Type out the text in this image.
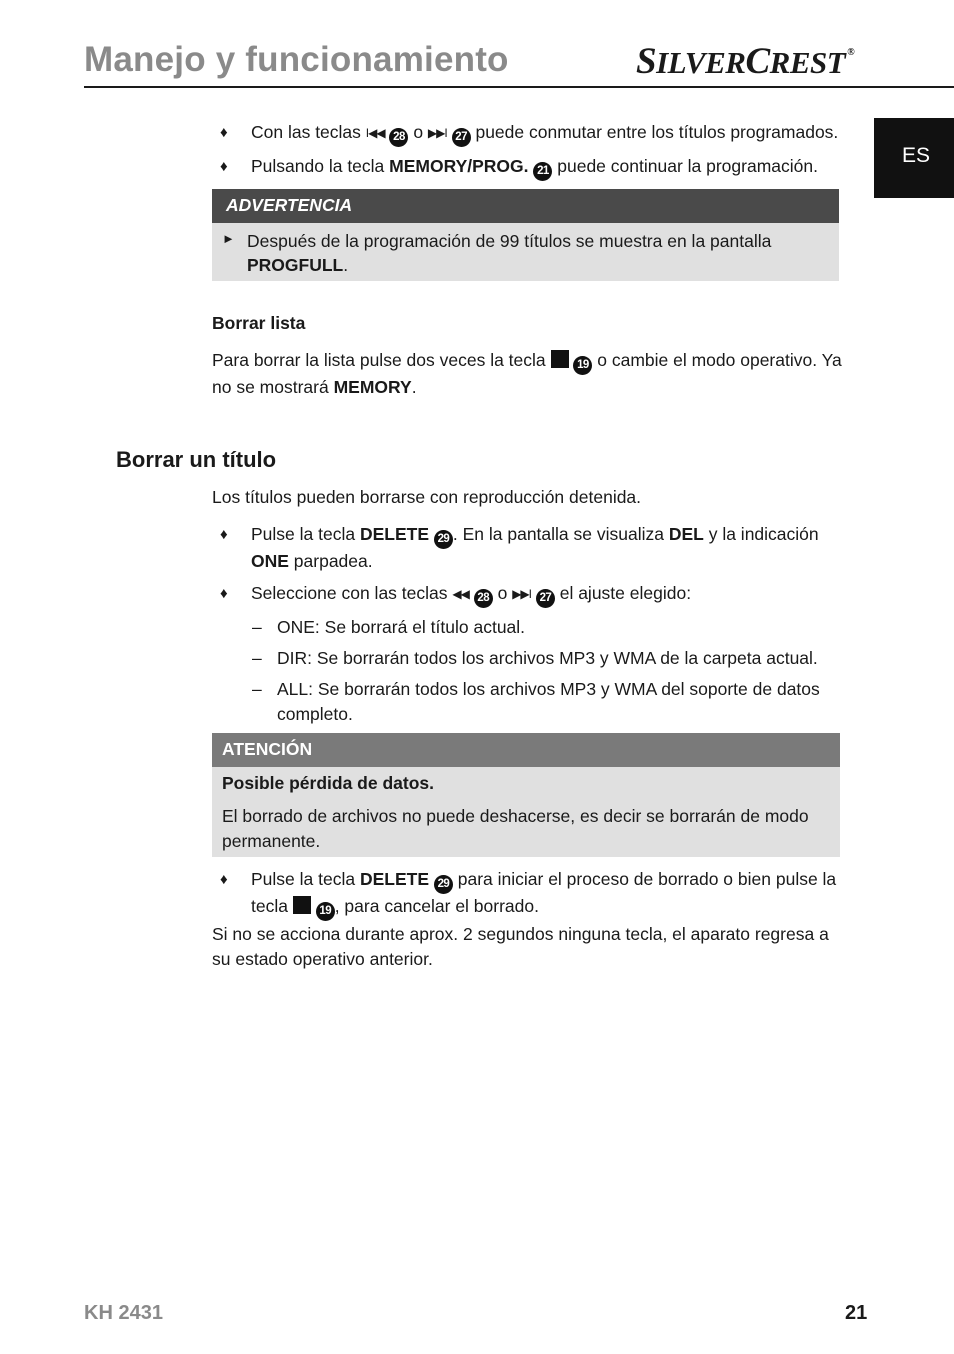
Manejo y funcionamiento	SILVERCREST ®
ES
♦ Con las teclas I◀◀ 28 o ▶▶I 27 puede conmutar entre los títulos programados.
♦ Pulsando la tecla MEMORY/PROG. 21 puede continuar la programación.
ADVERTENCIA
► Después de la programación de 99 títulos se muestra en la pantalla PROGFULL.
Borrar lista
Para borrar la lista pulse dos veces la tecla  19 o cambie el modo operativo. Ya no se mostrará MEMORY.
Borrar un título
Los títulos pueden borrarse con reproducción detenida.
♦ Pulse la tecla DELETE 29 . En la pantalla se visualiza DEL y la indicación ONE parpadea.
♦ Seleccione con las teclas ◀◀ 28 o ▶▶I 27 el ajuste elegido:
– ONE: Se borrará el título actual.
– DIR: Se borrarán todos los archivos MP3 y WMA de la carpeta actual.
– ALL: Se borrarán todos los archivos MP3 y WMA del soporte de datos completo.
ATENCIÓN
Posible pérdida de datos.
El borrado de archivos no puede deshacerse, es decir se borrarán de modo permanente.
♦ Pulse la tecla DELETE 29 para iniciar el proceso de borrado o bien pulse la tecla  19 , para cancelar el borrado.
Si no se acciona durante aprox. 2 segundos ninguna tecla, el aparato regresa a su estado operativo anterior.
KH 2431	21
